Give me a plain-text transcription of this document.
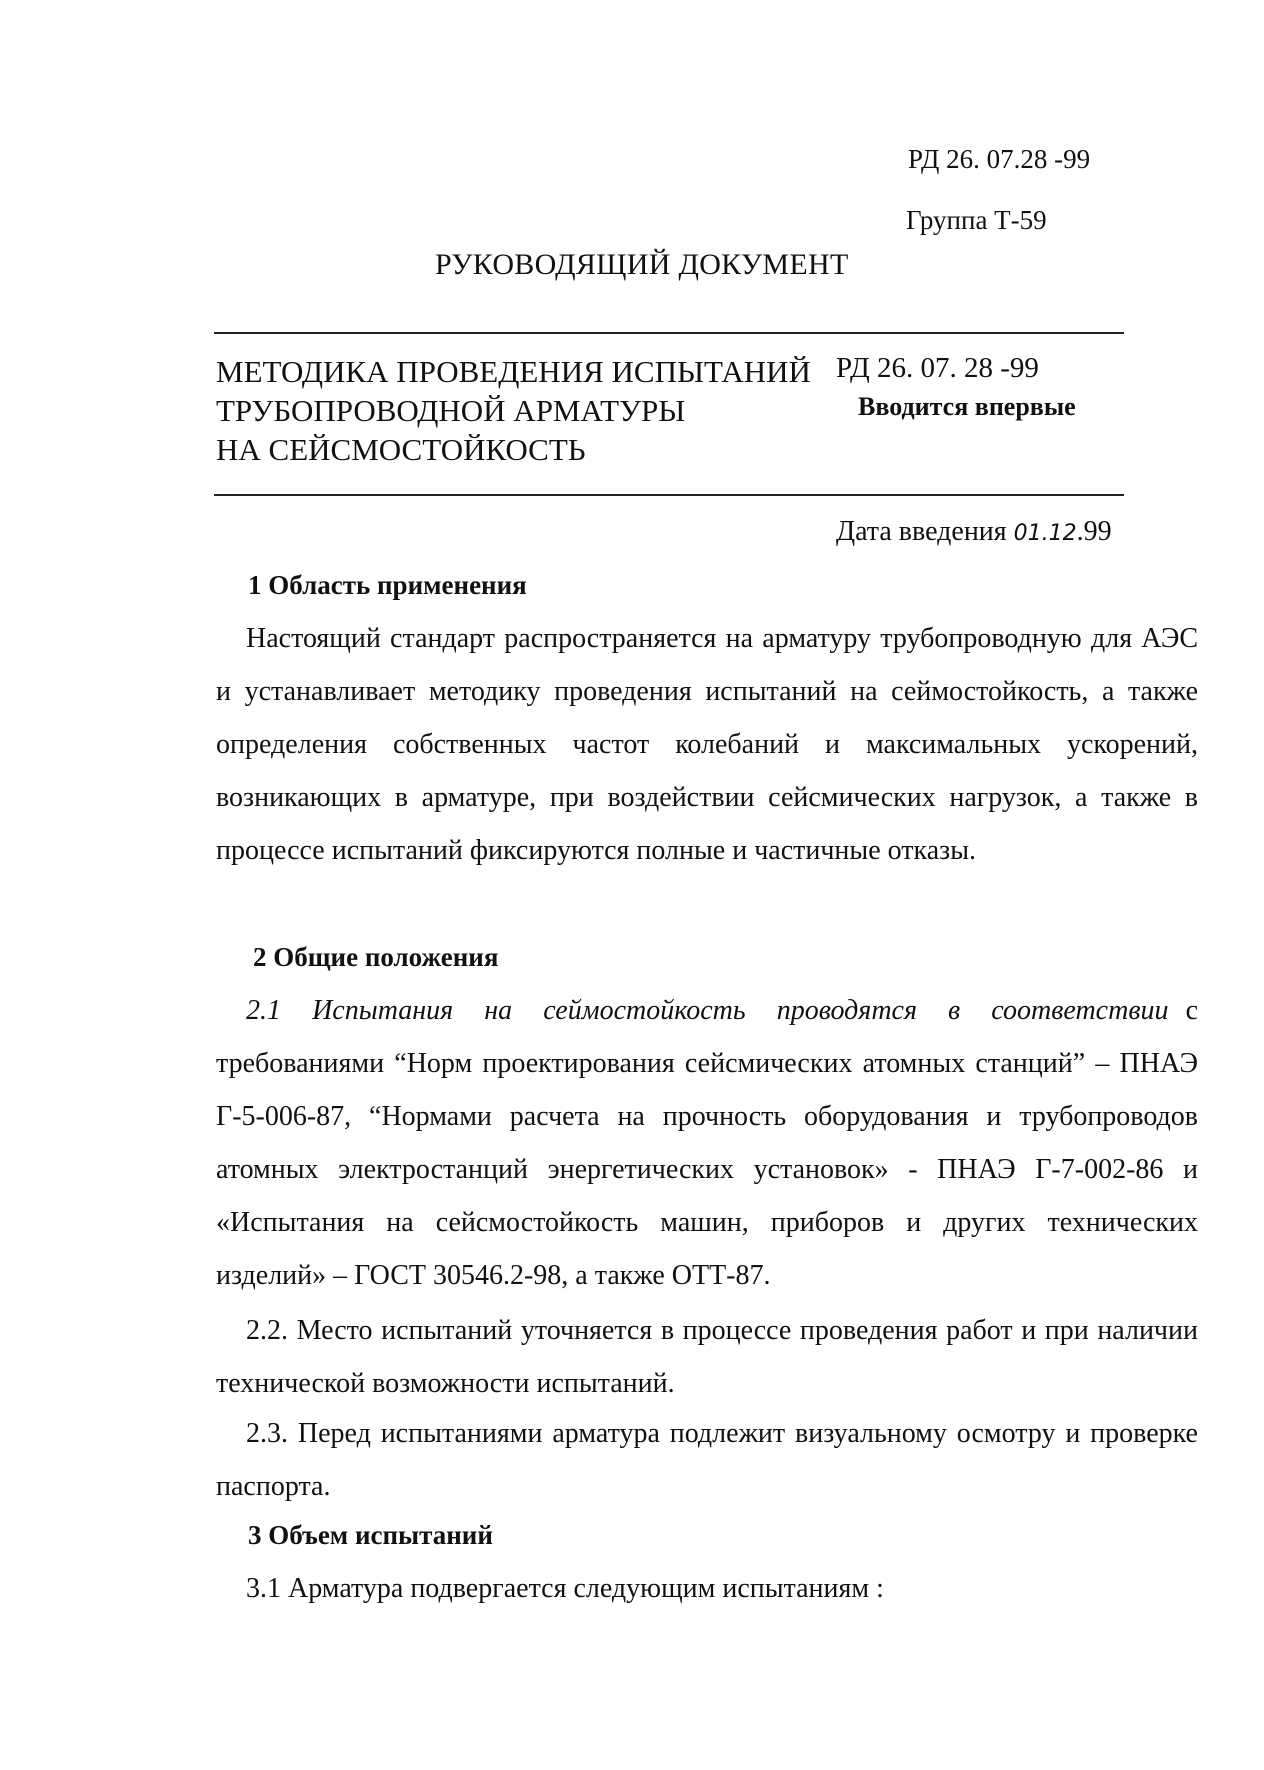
РД 26. 07.28 -99
Группа Т-59
РУКОВОДЯЩИЙ ДОКУМЕНТ
МЕТОДИКА ПРОВЕДЕНИЯ ИСПЫТАНИЙ
ТРУБОПРОВОДНОЙ АРМАТУРЫ
НА СЕЙСМОСТОЙКОСТЬ
РД 26. 07. 28 -99
Вводится впервые
Дата введения 01.12.99
1 Область применения
Настоящий стандарт распространяется на арматуру трубопроводную для АЭС и устанавливает методику проведения испытаний на сеймостойкость, а также определения собственных частот колебаний и максимальных ускорений, возникающих в арматуре, при воздействии сейсмических нагрузок, а также в процессе испытаний фиксируются полные и частичные отказы.
2 Общие положения
2.1 Испытания на сеймостойкость проводятся в соответствии с требованиями “Норм проектирования сейсмических атомных станций” – ПНАЭ Г-5-006-87, “Нормами расчета на прочность оборудования и трубопроводов атомных электростанций энергетических установок» - ПНАЭ Г-7-002-86 и «Испытания на сейсмостойкость машин, приборов и других технических изделий» – ГОСТ 30546.2-98, а также ОТТ-87.
2.2. Место испытаний уточняется в процессе проведения работ и при наличии технической возможности испытаний.
2.3. Перед испытаниями арматура подлежит визуальному осмотру и проверке паспорта.
3 Объем испытаний
3.1 Арматура подвергается следующим испытаниям :
